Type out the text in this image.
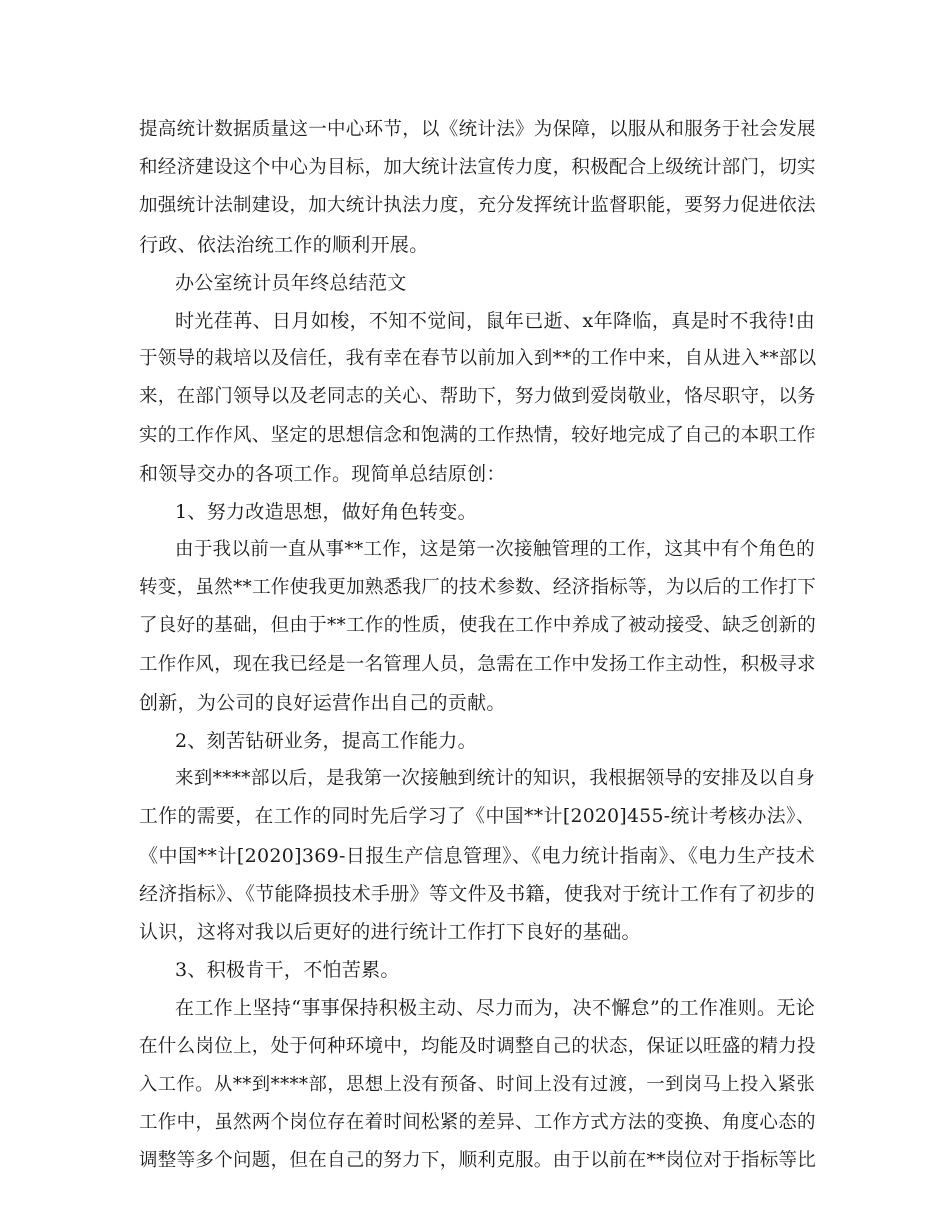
提高统计数据质量这一中心环节，以《统计法》为保障，以服从和服务于社会发展
和经济建设这个中心为目标，加大统计法宣传力度，积极配合上级统计部门，切实
加强统计法制建设，加大统计执法力度，充分发挥统计监督职能，要努力促进依法
行政、依法治统工作的顺利开展。
办公室统计员年终总结范文
时光荏苒、日月如梭，不知不觉间，鼠年已逝、x年降临，真是时不我待!由
于领导的栽培以及信任，我有幸在春节以前加入到**的工作中来，自从进入**部以
来，在部门领导以及老同志的关心、帮助下，努力做到爱岗敬业，恪尽职守，以务
实的工作作风、坚定的思想信念和饱满的工作热情，较好地完成了自己的本职工作
和领导交办的各项工作。现简单总结原创：
1、努力改造思想，做好角色转变。
由于我以前一直从事**工作，这是第一次接触管理的工作，这其中有个角色的
转变，虽然**工作使我更加熟悉我厂的技术参数、经济指标等，为以后的工作打下
了良好的基础，但由于**工作的性质，使我在工作中养成了被动接受、缺乏创新的
工作作风，现在我已经是一名管理人员，急需在工作中发扬工作主动性，积极寻求
创新，为公司的良好运营作出自己的贡献。
2、刻苦钻研业务，提高工作能力。
来到****部以后，是我第一次接触到统计的知识，我根据领导的安排及以自身
工作的需要，在工作的同时先后学习了《中国**计[2020]455-统计考核办法》、
《中国**计[2020]369-日报生产信息管理》、《电力统计指南》、《电力生产技术
经济指标》、《节能降损技术手册》等文件及书籍，使我对于统计工作有了初步的
认识，这将对我以后更好的进行统计工作打下良好的基础。
3、积极肯干，不怕苦累。
在工作上坚持“事事保持积极主动、尽力而为，决不懈怠”的工作准则。无论
在什么岗位上，处于何种环境中，均能及时调整自己的状态，保证以旺盛的精力投
入工作。从**到****部，思想上没有预备、时间上没有过渡，一到岗马上投入紧张
工作中，虽然两个岗位存在着时间松紧的差异、工作方式方法的变换、角度心态的
调整等多个问题，但在自己的努力下，顺利克服。由于以前在**岗位对于指标等比
